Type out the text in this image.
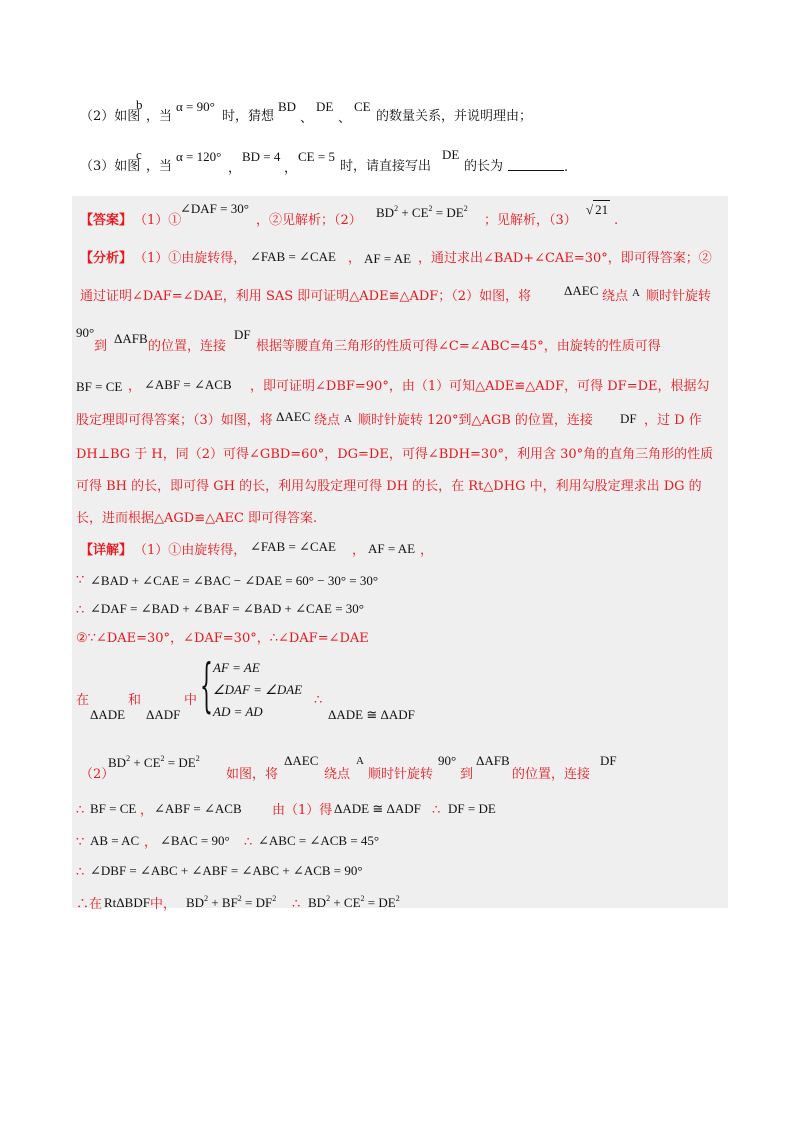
（2）如图
b
，当
α = 90°
时，猜想
BD
、
DE
、
CE
的数量关系，并说明理由；
（3）如图
c
，当
α = 120°
，
BD = 4
，
CE = 5
时，请直接写出
DE
的长为	.
【答案】 （1）①
∠DAF = 30°
，②见解析；（2）
$BD^2 + CE^2 = DE^2$
；见解析，（3）
√ 21
.
【分析】 （1）①由旋转得， ∠FAB = ∠CAE ， AF = AE ，通过求出∠BAD+∠CAE=30°，即可得答案；②
通过证明∠DAF=∠DAE，利用 SAS 即可证明△ADE≌△ADF；（2）如图，将	ΔAEC 绕点 A 顺时针旋转
90°
到
ΔAFB
的位置，连接
DF
根据等腰直角三角形的性质可得∠C=∠ABC=45°，由旋转的性质可得
BF = CE ， ∠ABF = ∠ACB ，即可证明∠DBF=90°，由（1）可知△ADE≌△ADF，可得 DF=DE，根据勾
股定理即可得答案；（3）如图，将 ΔAEC 绕点 A 顺时针旋转 120°到△AGB 的位置，连接 DF ，过 D 作
DH⊥BG 于 H，同（2）可得∠GBD=60°，DG=DE，可得∠BDH=30°，利用含 30°角的直角三角形的性质
可得 BH 的长，即可得 GH 的长，利用勾股定理可得 DH 的长，在 Rt△DHG 中，利用勾股定理求出 DG 的
长，进而根据△AGD≌△AEC 即可得答案.
【详解】 （1）①由旋转得， ∠FAB = ∠CAE ， AF = AE ，
∵ ∠BAD + ∠CAE = ∠BAC − ∠DAE = 60° − 30° = 30°
∴ ∠DAF = ∠BAD + ∠BAF = ∠BAD + ∠CAE = 30°
②∵∠DAE=30°，∠DAF=30°，∴∠DAF=∠DAE
{ AF = AE
∠DAF = ∠DAE
AD = AD
在	和	中
ΔADE ΔADF
∴
ΔADE ≅ ΔADF
（2）
$BD^2 + CE^2 = DE^2$
如图，将
ΔAEC
绕点
A
顺时针旋转
90°
到
ΔAFB
的位置，连接
DF
∴ BF = CE ， ∠ABF = ∠ACB 由（1）得 ΔADE ≅ ΔADF ∴ DF = DE
∵ AB = AC ， ∠BAC = 90° ∴ ∠ABC = ∠ACB = 45°
∴ ∠DBF = ∠ABC + ∠ABF = ∠ABC + ∠ACB = 90°
∴在 RtΔBDF 中， $BD^2 + BF^2 = DF^2$ ∴ $BD^2 + CE^2 = DE^2$
